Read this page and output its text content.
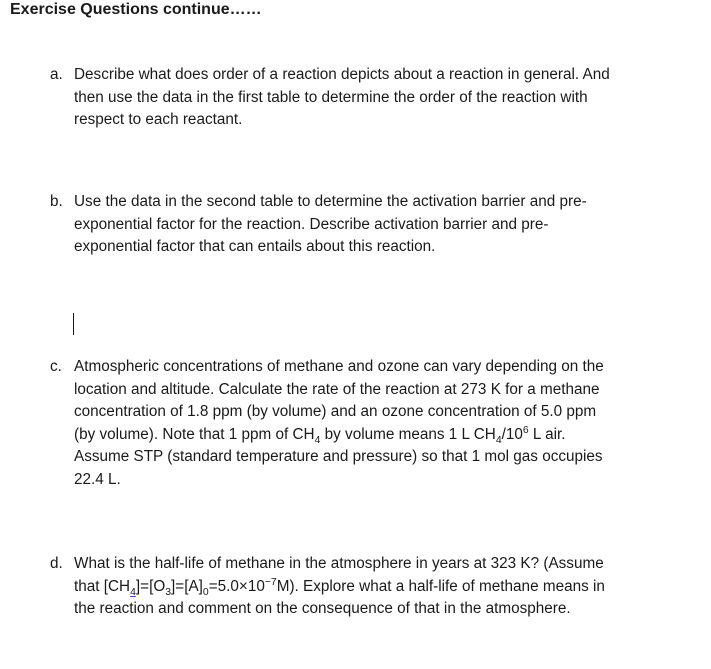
Exercise Questions continue……
a. Describe what does order of a reaction depicts about a reaction in general. And
then use the data in the first table to determine the order of the reaction with
respect to each reactant.
b. Use the data in the second table to determine the activation barrier and pre-
exponential factor for the reaction. Describe activation barrier and pre-
exponential factor that can entails about this reaction.
c. Atmospheric concentrations of methane and ozone can vary depending on the
location and altitude. Calculate the rate of the reaction at 273 K for a methane
concentration of 1.8 ppm (by volume) and an ozone concentration of 5.0 ppm
(by volume). Note that 1 ppm of $CH_4$ by volume means 1 L $CH_4/10^6$ L air.
Assume STP (standard temperature and pressure) so that 1 mol gas occupies
22.4 L.
d. What is the half-life of methane in the atmosphere in years at 323 K? (Assume
that $[CH_4]=[O_3]=[A]_0=5.0\times 10^{-7}M$). Explore what a half-life of methane means in
the reaction and comment on the consequence of that in the atmosphere.
